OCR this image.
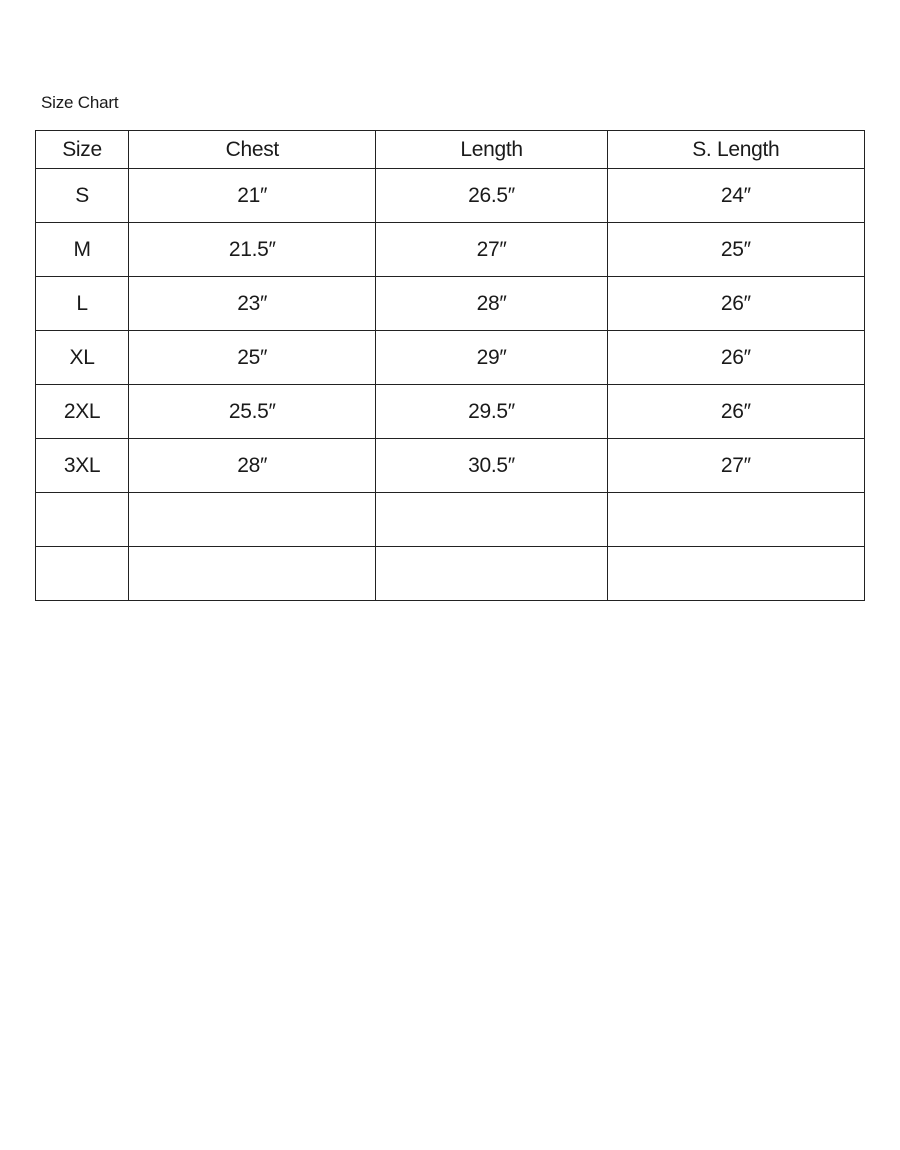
Size Chart
Size	Chest	Length	S. Length
S	21″	26.5″	24″
M	21.5″	27″	25″
L	23″	28″	26″
XL	25″	29″	26″
2XL	25.5″	29.5″	26″
3XL	28″	30.5″	27″
